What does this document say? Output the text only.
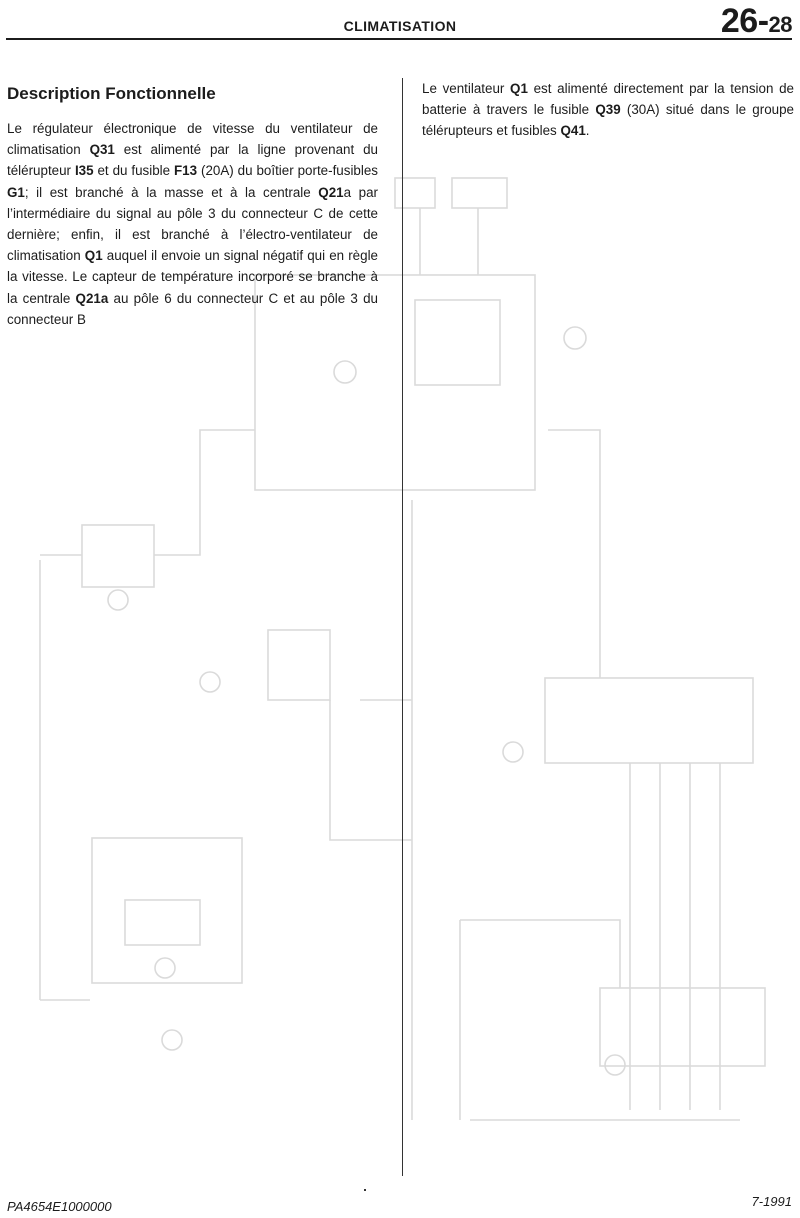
CLIMATISATION	26-28
Description Fonctionnelle

Le régulateur électronique de vitesse du ventilateur de climatisation Q31 est alimenté par la ligne provenant du télérupteur I35 et du fusible F13 (20A) du boîtier porte-fusibles G1; il est branché à la masse et à la centrale Q21a par l’intermédiaire du signal au pôle 3 du connecteur C de cette dernière; enfin, il est branché à l’électro-ventilateur de climatisation Q1 auquel il envoie un signal négatif qui en règle la vitesse. Le capteur de température incorporé se branche à la centrale Q21a au pôle 6 du connecteur C et au pôle 3 du connecteur B

Le ventilateur Q1 est alimenté directement par la tension de batterie à travers le fusible Q39 (30A) situé dans le groupe télérupteurs et fusibles Q41.

PA4654E1000000	7-1991
